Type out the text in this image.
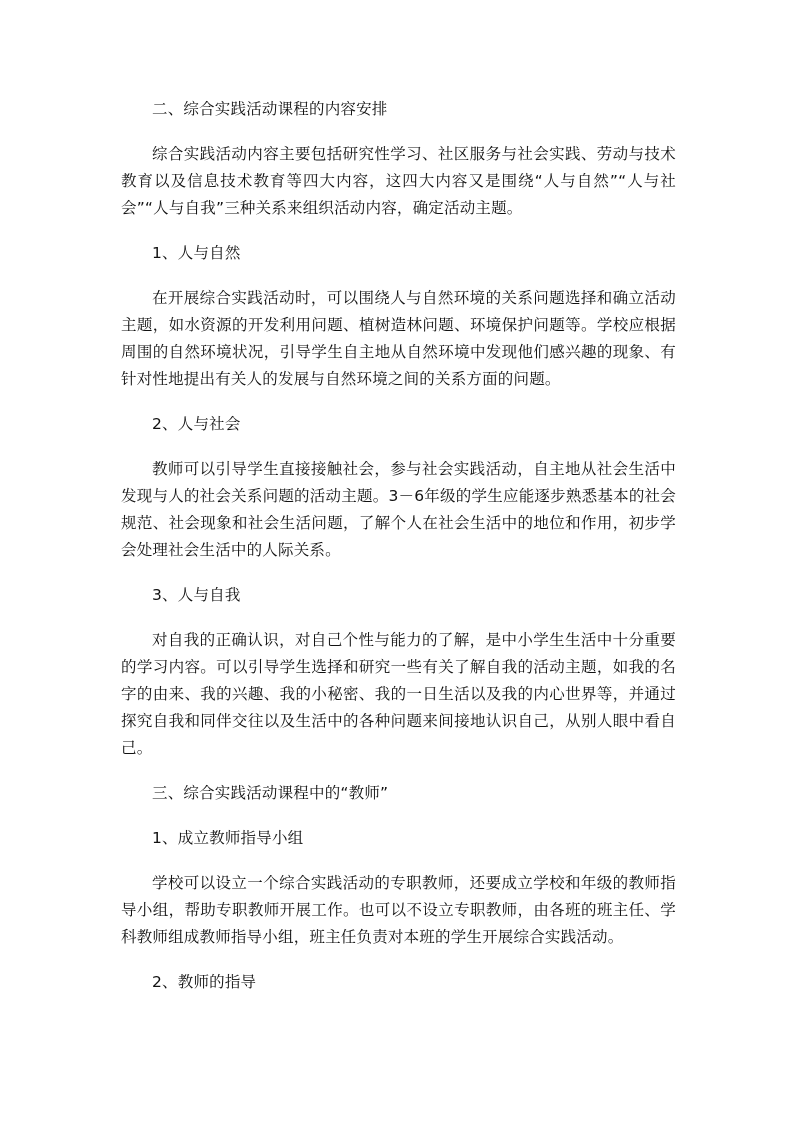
二、综合实践活动课程的内容安排

综合实践活动内容主要包括研究性学习、社区服务与社会实践、劳动与技术教育以及信息技术教育等四大内容，这四大内容又是围绕“人与自然”“人与社会”“人与自我”三种关系来组织活动内容，确定活动主题。

1、人与自然

在开展综合实践活动时，可以围绕人与自然环境的关系问题选择和确立活动主题，如水资源的开发利用问题、植树造林问题、环境保护问题等。学校应根据周围的自然环境状况，引导学生自主地从自然环境中发现他们感兴趣的现象、有针对性地提出有关人的发展与自然环境之间的关系方面的问题。

2、人与社会

教师可以引导学生直接接触社会，参与社会实践活动，自主地从社会生活中发现与人的社会关系问题的活动主题。3－6年级的学生应能逐步熟悉基本的社会规范、社会现象和社会生活问题，了解个人在社会生活中的地位和作用，初步学会处理社会生活中的人际关系。

3、人与自我

对自我的正确认识，对自己个性与能力的了解，是中小学生生活中十分重要的学习内容。可以引导学生选择和研究一些有关了解自我的活动主题，如我的名字的由来、我的兴趣、我的小秘密、我的一日生活以及我的内心世界等，并通过探究自我和同伴交往以及生活中的各种问题来间接地认识自己，从别人眼中看自己。

三、综合实践活动课程中的“教师”

1、成立教师指导小组

学校可以设立一个综合实践活动的专职教师，还要成立学校和年级的教师指导小组，帮助专职教师开展工作。也可以不设立专职教师，由各班的班主任、学科教师组成教师指导小组，班主任负责对本班的学生开展综合实践活动。

2、教师的指导
